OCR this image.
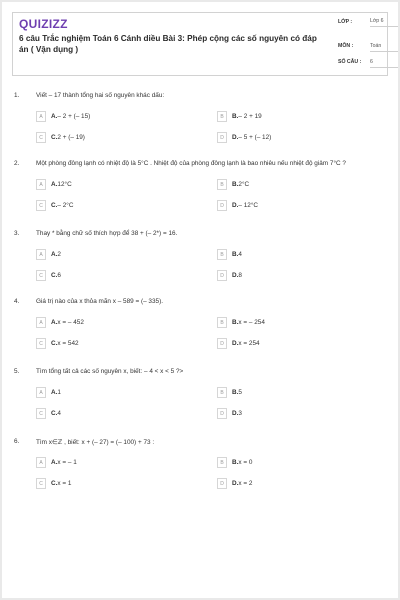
QUIZIZZ
6 câu Trắc nghiệm Toán 6 Cánh diều Bài 3: Phép cộng các số nguyên có đáp án ( Vận dụng )
LỚP :	Lớp 6
MÔN :	Toán
SỐ CÂU : 6
1.	Viết – 17 thành tổng hai số nguyên khác dấu:
A	A.– 2 + (– 15)	B	B.– 2 + 19
C	C.2 + (– 19)	D	D.– 5 + (– 12)
2.	Một phòng đông lạnh có nhiệt độ là 5°C . Nhiệt độ của phòng đông lạnh là bao nhiêu nếu nhiệt độ giảm 7°C ?
A	A.12°C	B	B.2°C
C	C.– 2°C	D	D.– 12°C
3.	Thay * bằng chữ số thích hợp để 38 + (– 2*) = 16.
A	A.2	B	B.4
C	C.6	D	D.8
4.	Giá trị nào của x thỏa mãn x – 589 = (– 335).
A	A.x = – 452	B	B.x = – 254
C	C.x = 542	D	D.x = 254
5.	Tìm tổng tất cả các số nguyên x, biết: – 4 < x < 5 ?>
A	A.1	B	B.5
C	C.4	D	D.3
6.	Tìm x∈ℤ , biết: x + (– 27) = (– 100) + 73 :
A	A.x = – 1	B	B.x = 0
C	C.x = 1	D	D.x = 2
